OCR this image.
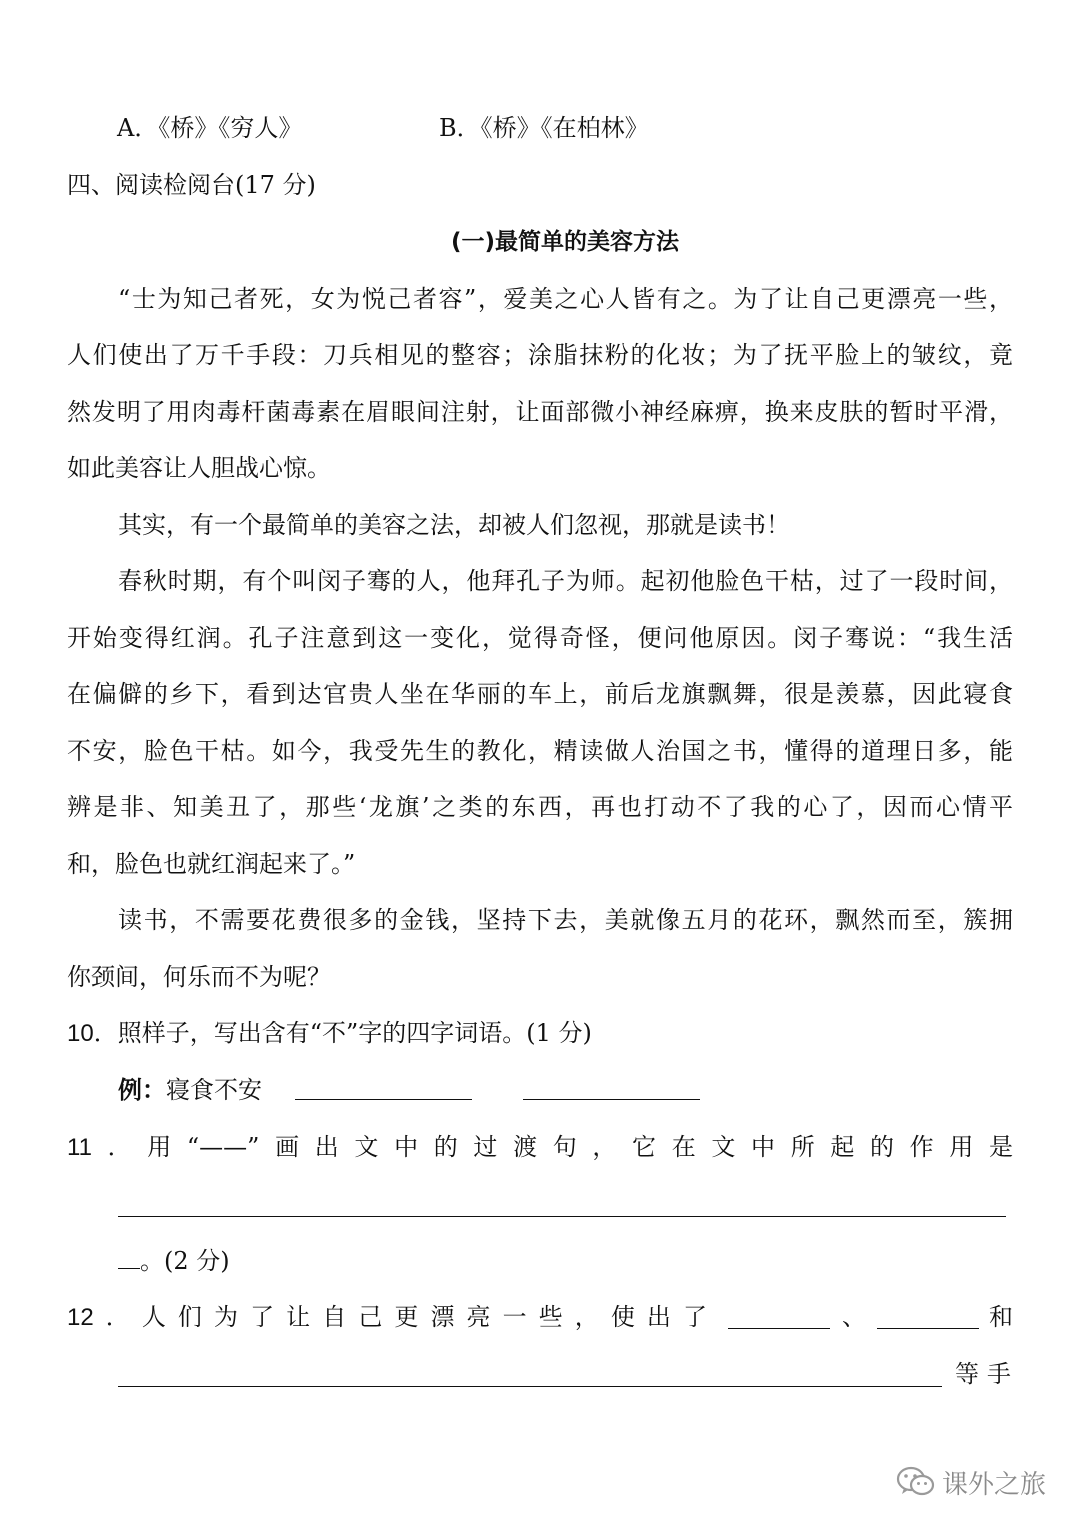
A．《桥》《穷人》	B．《桥》《在柏林》
四、阅读检阅台(17 分)
(一)最简单的美容方法
“士为知己者死，女为悦己者容”，爱美之心人皆有之。为了让自己更漂亮一些，
人们使出了万千手段：刀兵相见的整容；涂脂抹粉的化妆；为了抚平脸上的皱纹，竟
然发明了用肉毒杆菌毒素在眉眼间注射，让面部微小神经麻痹，换来皮肤的暂时平滑，
如此美容让人胆战心惊。
其实，有一个最简单的美容之法，却被人们忽视，那就是读书！
春秋时期，有个叫闵子骞的人，他拜孔子为师。起初他脸色干枯，过了一段时间，
开始变得红润。孔子注意到这一变化，觉得奇怪，便问他原因。闵子骞说：“我生活
在偏僻的乡下，看到达官贵人坐在华丽的车上，前后龙旗飘舞，很是羡慕，因此寝食
不安，脸色干枯。如今，我受先生的教化，精读做人治国之书，懂得的道理日多，能
辨是非、知美丑了，那些‘龙旗’之类的东西，再也打动不了我的心了，因而心情平
和，脸色也就红润起来了。”
读书，不需要花费很多的金钱，坚持下去，美就像五月的花环，飘然而至，簇拥
你颈间，何乐而不为呢？
10．照样子，写出含有“不”字的四字词语。(1 分)
例：寝食不安
11．用“——”画出文中的过渡句，它在文中所起的作用是
。(2 分)
12．人们为了让自己更漂亮一些，使出了	、	和
等手
课外之旅
